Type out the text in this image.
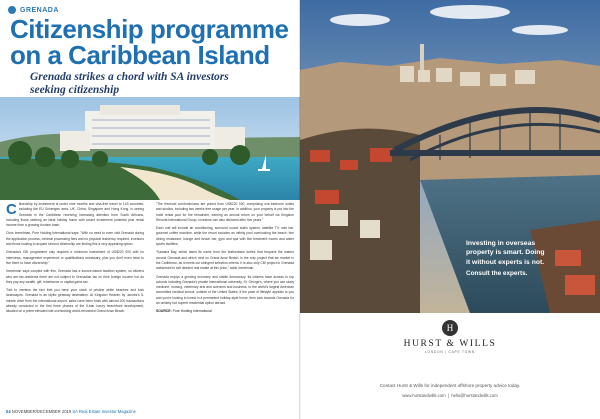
GRENADA
Citizenship programme
on a Caribbean Island
Grenada strikes a chord with SA investors
seeking citizenship

Citizenship by investment is under nine months and visa-free travel to 143 countries, including the EU Schengen area, UK, China, Singapore and Hong Kong, is seeing Grenada in the Caribbean receiving increasing attention from South Africans, including those seeking an ideal holiday home with sound investment potential plus rental income from a growing tourism base.

Chris Immelman, Pure Holding International says: "With no need to even visit Grenada during the application process, minimal processing fees and no physical residency required, investors and those looking to acquire second citizenship are finding this a very appealing option.

Grenada's CBI programme only requires a minimum investment of US$220 000 with no interviews, management experience or qualifications necessary, plus you don't even have to live there to have citizenship."

Immelman says coupled with this, Grenada has a source-based taxation system, so citizens who are tax-residents there are not subject to Grenadian tax on their foreign income nor do they pay any wealth, gift, inheritance or capital gains tax.

"Not to mention the fact that you have your stock of pristine white beaches and lush landscapes. Grenada is an idyllic getaway destination. At Kingston Heaven by Jacobs's 5-minute drive from the international airport, sales have been brisk with almost 200 transactions already concluded in the first three phases of the 5-star luxury beachfront development, situated on a prime elevated site overlooking world-renowned Grand Anse Beach.

"The freehold condominiums are priced from US$220 000, comprising one-bedroom suites and studios, including two weeks free usage per year. In addition, your property is put into the hotel rental pool for the remainder, earning an annual return on your behalf via Kingston Resorts International Group. Investors can also disinvest after five years."

Each unit will include air conditioning, surround sound audio system, satellite TV, mini bar, gourmet coffee machine, while the resort includes an infinity pool overlooking the beach, fine dining restaurant, lounge and beach bar, gym and spa with five treatment rooms and water sports facilities.

"Kawana Bay, which takes its name from the leatherback turtles that frequent the waters around Grenada and which nest on Grand Anse Beach, is the only project that we market in the Caribbean, as it meets our stringent selection criteria. It is also only CBI project in Grenada authorised to sell deeded real estate at this price," adds Immelman.

Grenada enjoys a growing economy and stable democracy. Its citizens have access to top schools including Grenada's private international university, St. George's, where you can study medicine, nursing, veterinary arts and sciences and business, to the world's largest American accredited medical school, outside of the United States. If the pace of lifestyle appeals to you and you're looking to invest in a permanent holiday-style home, then look towards Grenada for an unlikely but superb residential option abroad.

SOURCE: Pure Holding International

54 NOVEMBER/DECEMBER 2019 SA Real Estate Investor Magazine
Investing in overseas
property is smart. Doing
it without experts is not.
Consult the experts.
H
HURST & WILLS
LONDON | CAPE TOWN
Contact Hurst & Wills for independent offshore property advice today.
www.hurstandwills.com  |  hello@hurstandwills.com
